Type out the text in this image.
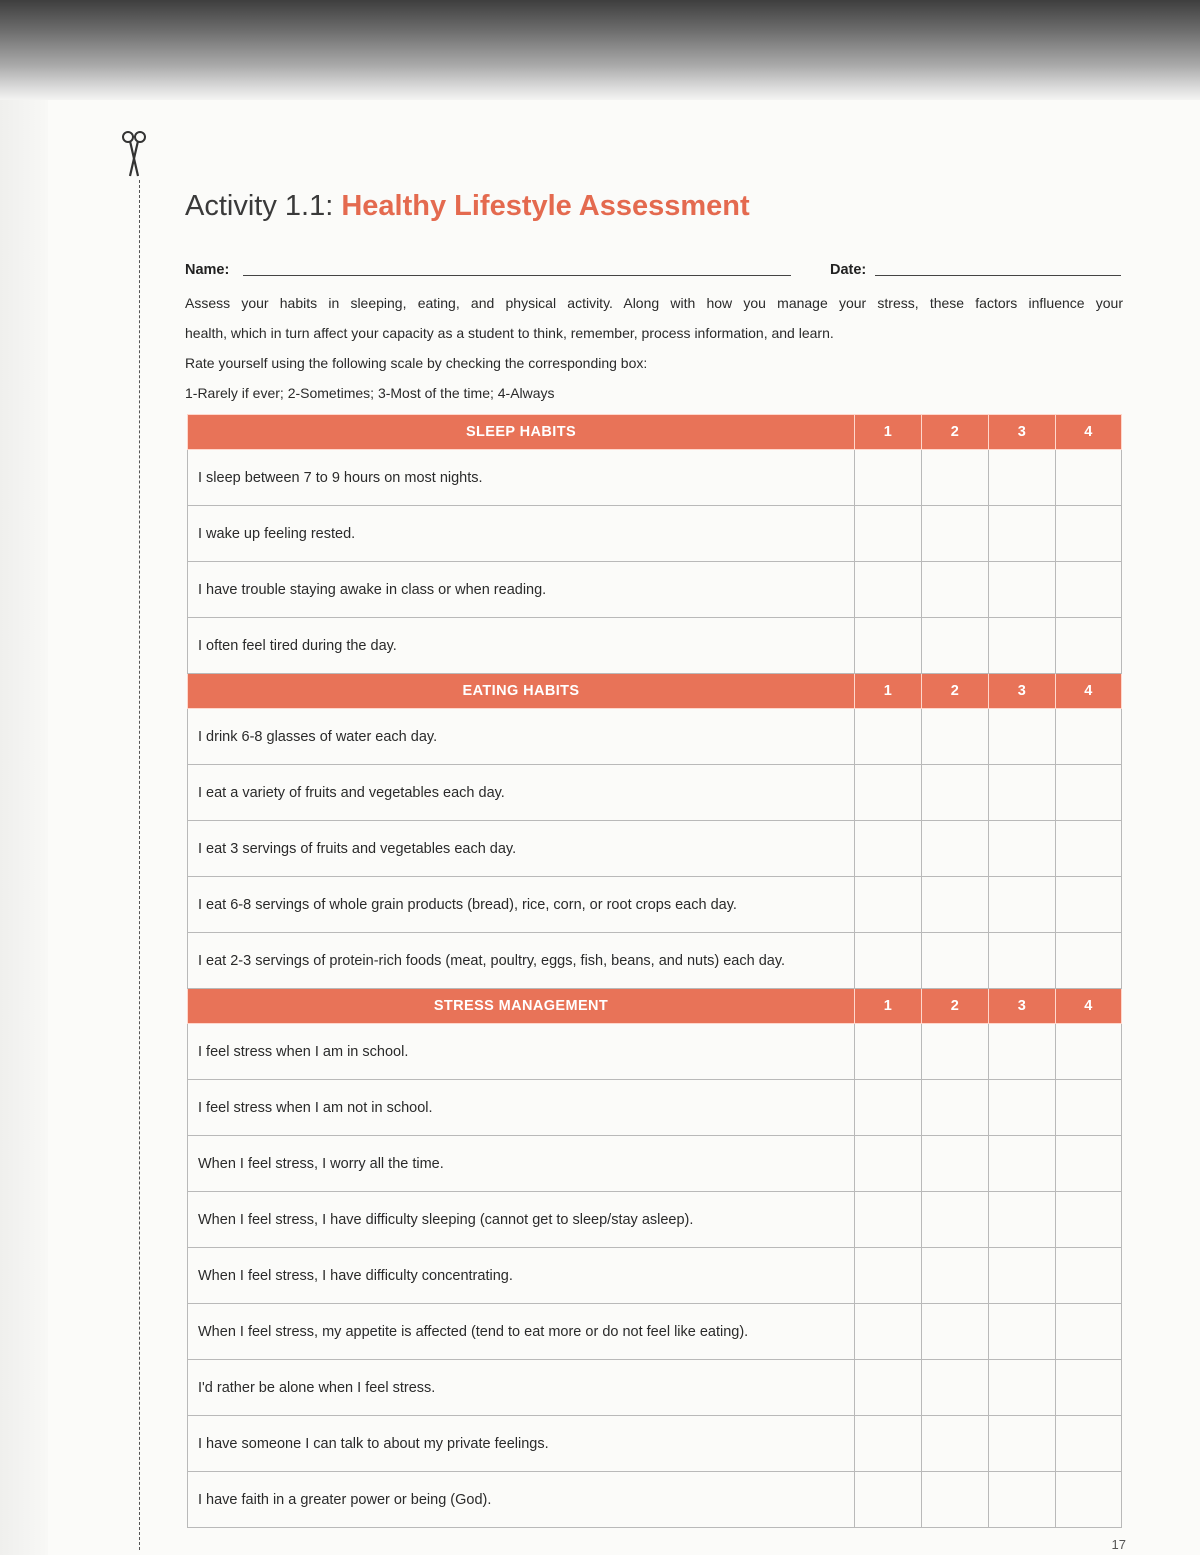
Activity 1.1: Healthy Lifestyle Assessment
Name:	Date:

Assess your habits in sleeping, eating, and physical activity. Along with how you manage your stress, these factors influence your

health, which in turn affect your capacity as a student to think, remember, process information, and learn.

Rate yourself using the following scale by checking the corresponding box:

1-Rarely if ever; 2-Sometimes; 3-Most of the time; 4-Always

SLEEP HABITS	1	2	3	4
I sleep between 7 to 9 hours on most nights.				
I wake up feeling rested.				
I have trouble staying awake in class or when reading.				
I often feel tired during the day.				
EATING HABITS	1	2	3	4
I drink 6-8 glasses of water each day.				
I eat a variety of fruits and vegetables each day.				
I eat 3 servings of fruits and vegetables each day.				
I eat 6-8 servings of whole grain products (bread), rice, corn, or root crops each day.				
I eat 2-3 servings of protein-rich foods (meat, poultry, eggs, fish, beans, and nuts) each day.				
STRESS MANAGEMENT	1	2	3	4
I feel stress when I am in school.				
I feel stress when I am not in school.				
When I feel stress, I worry all the time.				
When I feel stress, I have difficulty sleeping (cannot get to sleep/stay asleep).				
When I feel stress, I have difficulty concentrating.				
When I feel stress, my appetite is affected (tend to eat more or do not feel like eating).				
I'd rather be alone when I feel stress.				
I have someone I can talk to about my private feelings.				
I have faith in a greater power or being (God).				
17
